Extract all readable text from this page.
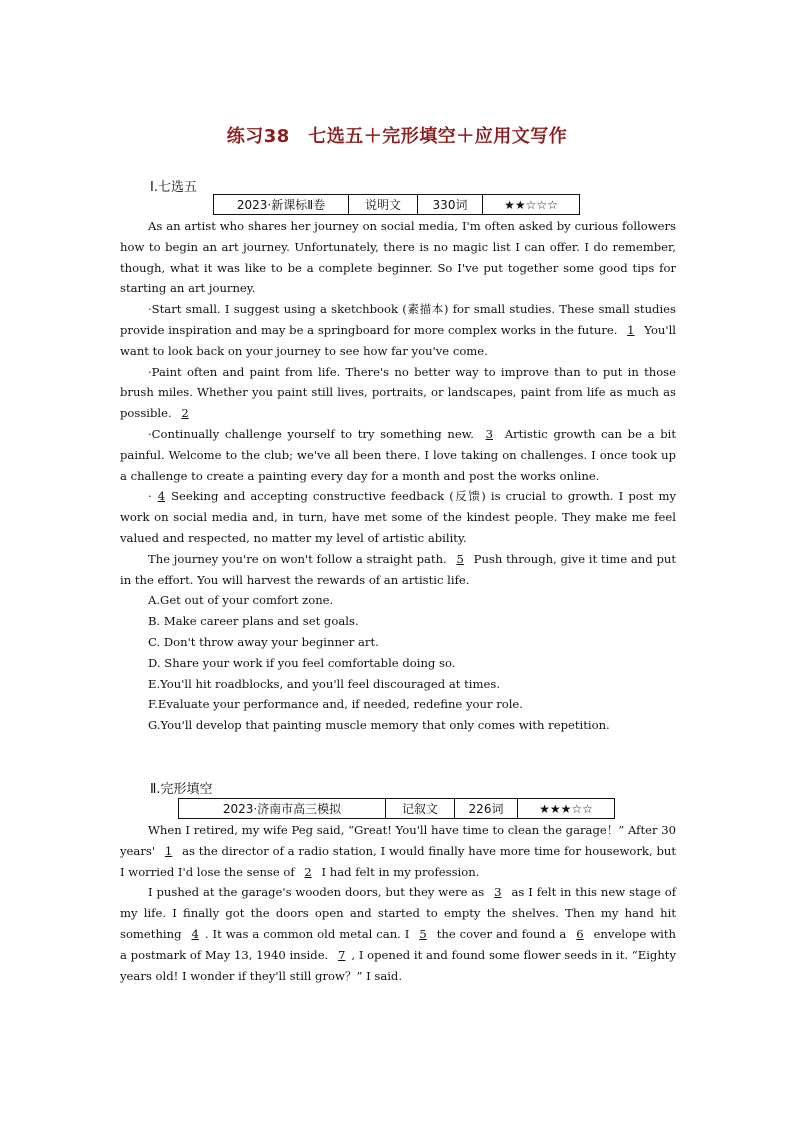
练习38　七选五＋完形填空＋应用文写作
Ⅰ.七选五
2023·新课标Ⅱ卷	说明文	330词	★★☆☆☆

As an artist who shares her journey on social media, I'm often asked by curious followers how to begin an art journey. Unfortunately, there is no magic list I can offer. I do remember, though, what it was like to be a complete beginner. So I've put together some good tips for starting an art journey.

·Start small. I suggest using a sketchbook (素描本) for small studies. These small studies provide inspiration and may be a springboard for more complex works in the future. 1 You'll want to look back on your journey to see how far you've come.

·Paint often and paint from life. There's no better way to improve than to put in those brush miles. Whether you paint still lives, portraits, or landscapes, paint from life as much as possible. 2

·Continually challenge yourself to try something new. 3 Artistic growth can be a bit painful. Welcome to the club; we've all been there. I love taking on challenges. I once took up a challenge to create a painting every day for a month and post the works online.

· 4 Seeking and accepting constructive feedback (反馈) is crucial to growth. I post my work on social media and, in turn, have met some of the kindest people. They make me feel valued and respected, no matter my level of artistic ability.

The journey you're on won't follow a straight path. 5 Push through, give it time and put in the effort. You will harvest the rewards of an artistic life.

A.Get out of your comfort zone.

B. Make career plans and set goals.

C. Don't throw away your beginner art.

D. Share your work if you feel comfortable doing so.

E.You'll hit roadblocks, and you'll feel discouraged at times.

F.Evaluate your performance and, if needed, redefine your role.

G.You'll develop that painting muscle memory that only comes with repetition.

Ⅱ.完形填空
2023·济南市高三模拟	记叙文	226词	★★★☆☆

When I retired, my wife Peg said, “Great! You'll have time to clean the garage！” After 30 years' 1 as the director of a radio station, I would finally have more time for housework, but I worried I'd lose the sense of 2 I had felt in my profession.

I pushed at the garage's wooden doors, but they were as 3 as I felt in this new stage of my life. I finally got the doors open and started to empty the shelves. Then my hand hit something 4 . It was a common old metal can. I 5 the cover and found a 6 envelope with a postmark of May 13, 1940 inside. 7 , I opened it and found some flower seeds in it. “Eighty years old! I wonder if they'll still grow？” I said.
